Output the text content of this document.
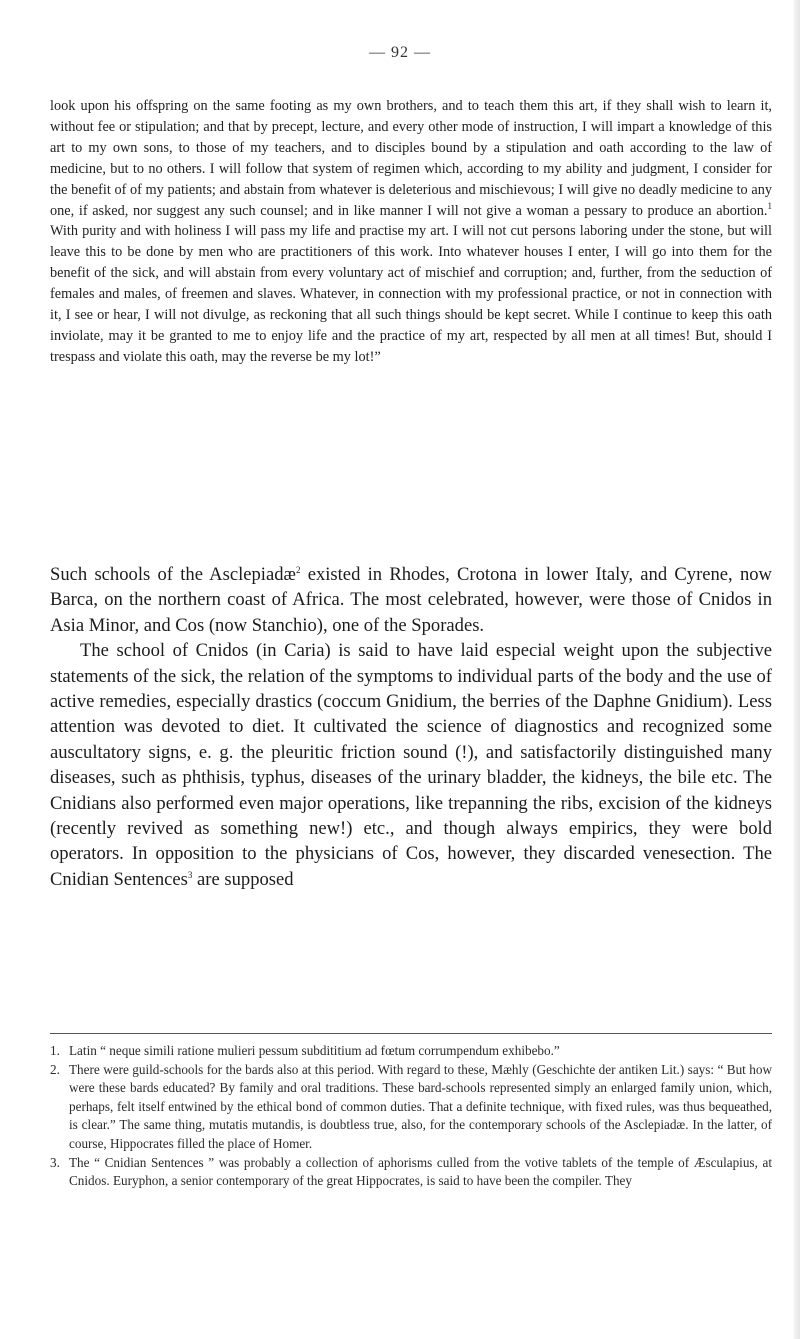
— 92 —

look upon his offspring on the same footing as my own brothers, and to teach them this art, if they shall wish to learn it, without fee or stipulation; and that by precept, lecture, and every other mode of instruction, I will impart a knowledge of this art to my own sons, to those of my teachers, and to disciples bound by a stipulation and oath according to the law of medicine, but to no others. I will follow that system of regimen which, according to my ability and judgment, I consider for the benefit of of my patients; and abstain from whatever is deleterious and mischievous; I will give no deadly medicine to any one, if asked, nor suggest any such counsel; and in like manner I will not give a woman a pessary to produce an abortion.$^1$ With purity and with holiness I will pass my life and practise my art. I will not cut persons laboring under the stone, but will leave this to be done by men who are practitioners of this work. Into whatever houses I enter, I will go into them for the benefit of the sick, and will abstain from every voluntary act of mischief and corruption; and, further, from the seduction of females and males, of freemen and slaves. Whatever, in connection with my professional practice, or not in connection with it, I see or hear, I will not divulge, as reckoning that all such things should be kept secret. While I continue to keep this oath inviolate, may it be granted to me to enjoy life and the practice of my art, respected by all men at all times! But, should I trespass and violate this oath, may the reverse be my lot!”

Such schools of the Asclepiadæ$^2$ existed in Rhodes, Crotona in lower Italy, and Cyrene, now Barca, on the northern coast of Africa. The most celebrated, however, were those of Cnidos in Asia Minor, and Cos (now Stanchio), one of the Sporades.

The school of Cnidos (in Caria) is said to have laid especial weight upon the subjective statements of the sick, the relation of the symptoms to individual parts of the body and the use of active remedies, especially drastics (coccum Gnidium, the berries of the Daphne Gnidium). Less attention was devoted to diet. It cultivated the science of diagnostics and recognized some auscultatory signs, e. g. the pleuritic friction sound (!), and satisfactorily distinguished many diseases, such as phthisis, typhus, diseases of the urinary bladder, the kidneys, the bile etc. The Cnidians also performed even major operations, like trepanning the ribs, excision of the kidneys (recently revived as something new!) etc., and though always empirics, they were bold operators. In opposition to the physicians of Cos, however, they discarded venesection. The Cnidian Sentences$^3$ are supposed

1. Latin “ neque simili ratione mulieri pessum subdititium ad fœtum corrumpendum exhibebo.”
2. There were guild-schools for the bards also at this period. With regard to these, Mæhly (Geschichte der antiken Lit.) says: “ But how were these bards educated? By family and oral traditions. These bard-schools represented simply an enlarged family union, which, perhaps, felt itself entwined by the ethical bond of common duties. That a definite technique, with fixed rules, was thus bequeathed, is clear.” The same thing, mutatis mutandis, is doubtless true, also, for the contemporary schools of the Asclepiadæ. In the latter, of course, Hippocrates filled the place of Homer.
3. The “ Cnidian Sentences ” was probably a collection of aphorisms culled from the votive tablets of the temple of Æsculapius, at Cnidos. Euryphon, a senior contemporary of the great Hippocrates, is said to have been the compiler. They
